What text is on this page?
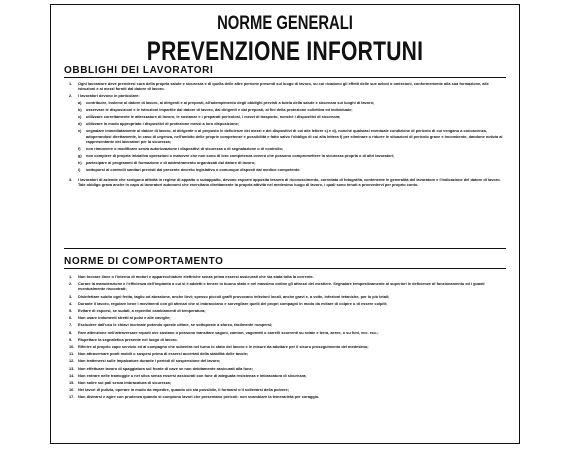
NORME GENERALI
PREVENZIONE INFORTUNI
OBBLIGHI DEI LAVORATORI
1.	Ogni lavoratore deve prendersi cura della propria salute e sicurezza e di quella delle altre persone presenti sul luogo di lavoro, su cui ricadono gli effetti delle sue azioni o omissioni, conformemente alla sua formazione, alle istruzioni e ai mezzi forniti dal datore di lavoro.
2.	I lavoratori devono in particolare:
a)	contribuire, insieme al datore di lavoro, ai dirigenti e ai preposti, all'adempimento degli obblighi previsti a tutela della salute e sicurezza sui luoghi di lavoro;
b)	osservare le disposizioni e le istruzioni impartite dal datore di lavoro, dai dirigenti e dai preposti, ai fini della protezione collettiva ed individuale;
c)	utilizzare correttamente le attrezzature di lavoro, le sostanze e i preparati pericolosi, i mezzi di trasporto, nonché i dispositivi di sicurezza;
d)	utilizzare in modo appropriato i dispositivi di protezione messi a loro disposizione;
e)	segnalare immediatamente al datore di lavoro, al dirigente o al preposto le deficienze dei mezzi e dei dispositivi di cui alle lettere c) e d), nonché qualsiasi eventuale condizione di pericolo di cui vengano a conoscenza, adoperandosi direttamente, in caso di urgenza, nell'ambito delle proprie competenze e possibilità e fatto salvo l'obbligo di cui alla lettera f) per eliminare o ridurre le situazioni di pericolo grave e incombente, dandone notizia al rappresentante dei lavoratori per la sicurezza;
f)	non rimuovere o modificare senza autorizzazione i dispositivi di sicurezza o di segnalazione o di controllo;
g)	non compiere di propria iniziativa operazioni o manovre che non sono di loro competenza ovvero che possono compromettere la sicurezza propria o di altri lavoratori;
h)	partecipare ai programmi di formazione e di addestramento organizzati dal datore di lavoro;
i)	sottoporsi ai controlli sanitari previsti dal presente decreto legislativo o comunque disposti dal medico competente.
3.	I lavoratori di aziende che svolgono attività in regime di appalto o subappalto, devono esporre apposita tessera di riconoscimento, corredata di fotografia, contenente le generalità del lavoratore e l'indicazione del datore di lavoro. Tale obbligo grava anche in capo ai lavoratori autonomi che esercitano direttamente la propria attività nel medesimo luogo di lavoro, i quali sono tenuti a provvedervi per proprio conto.
NORME DI COMPORTAMENTO
1.	Non toccare linee o l'interno di motori e apparecchiature elettriche senza prima essersi assicurati che sia stata tolta la corrente.
2.	Curare la manutenzione e l'efficienza dell'impianto a cui si è addetti e tenere in buono stato e nel massimo ordine gli attrezzi del mestiere. Segnalare tempestivamente ai superiori le deficienze di funzionamento ed i guasti eventualmente riscontrati;
3.	Disinfettare subito ogni ferita, taglio od abrasione, anche lievi; spesso piccoli graffi provocano infezioni locali, anche gravi e, a volte, infezioni tetaniche, per lo più letali;
4.	Durante il lavoro, regolare bene i movimenti con gli attrezzi che si imbracciano e sorvegliare quelli dei propri compagni in modo da evitare di colpire o di essere colpiti;
5.	Evitare di esporsi, se sudati, a repentini cambiamenti di temperatura;
6.	Non usare indumenti stretti ai polsi e alle caviglie;
7.	Escludere dall'uso le chiavi incrinate potendo queste ultime, se sottoposte a sforzo, facilmente rompersi;
8.	Fare attenzione nell'attraversare reparti ove sostano o possono transitare vagoni, camion, vagonetti o carrelli scorrenti su rotaie e terra, aeree, o su funi, ecc. ecc.;
9.	Rispettare la segnaletica presente nel luogo di lavoro.
10. Riferire al proprio capo servizio ed al compagno che subentra nel turno lo stato del lavoro e le misure da adottare per il sicuro proseguimento del medesimo;
11. Non attraversare ponti mobili o sospesi prima di essersi accertati della stabilità delle tavole;
12. Non trattenersi sulle impalcature durante i periodi di sospensione del lavoro;
13. Non effettuare lavoro di spaggiatura sul fronte di cave se non debitamente assicurati alla fune;
14. Non entrare nelle tramoggie o nei silos senza essersi assicurati con fune di adeguata resistenza e imbracatura di sicurezza;
15. Non salire sui pali senza imbracatura di sicurezza;
16. Nei lavori di pulizia, operare in modo da impedire, quando ciò sia possibile, il formarsi o il sollevarsi della polvere;
17. Non distrarsi e agire con prudenza quando si compiono lavori che presentano pericoli: non scambiare la temerarietà per coraggio.
